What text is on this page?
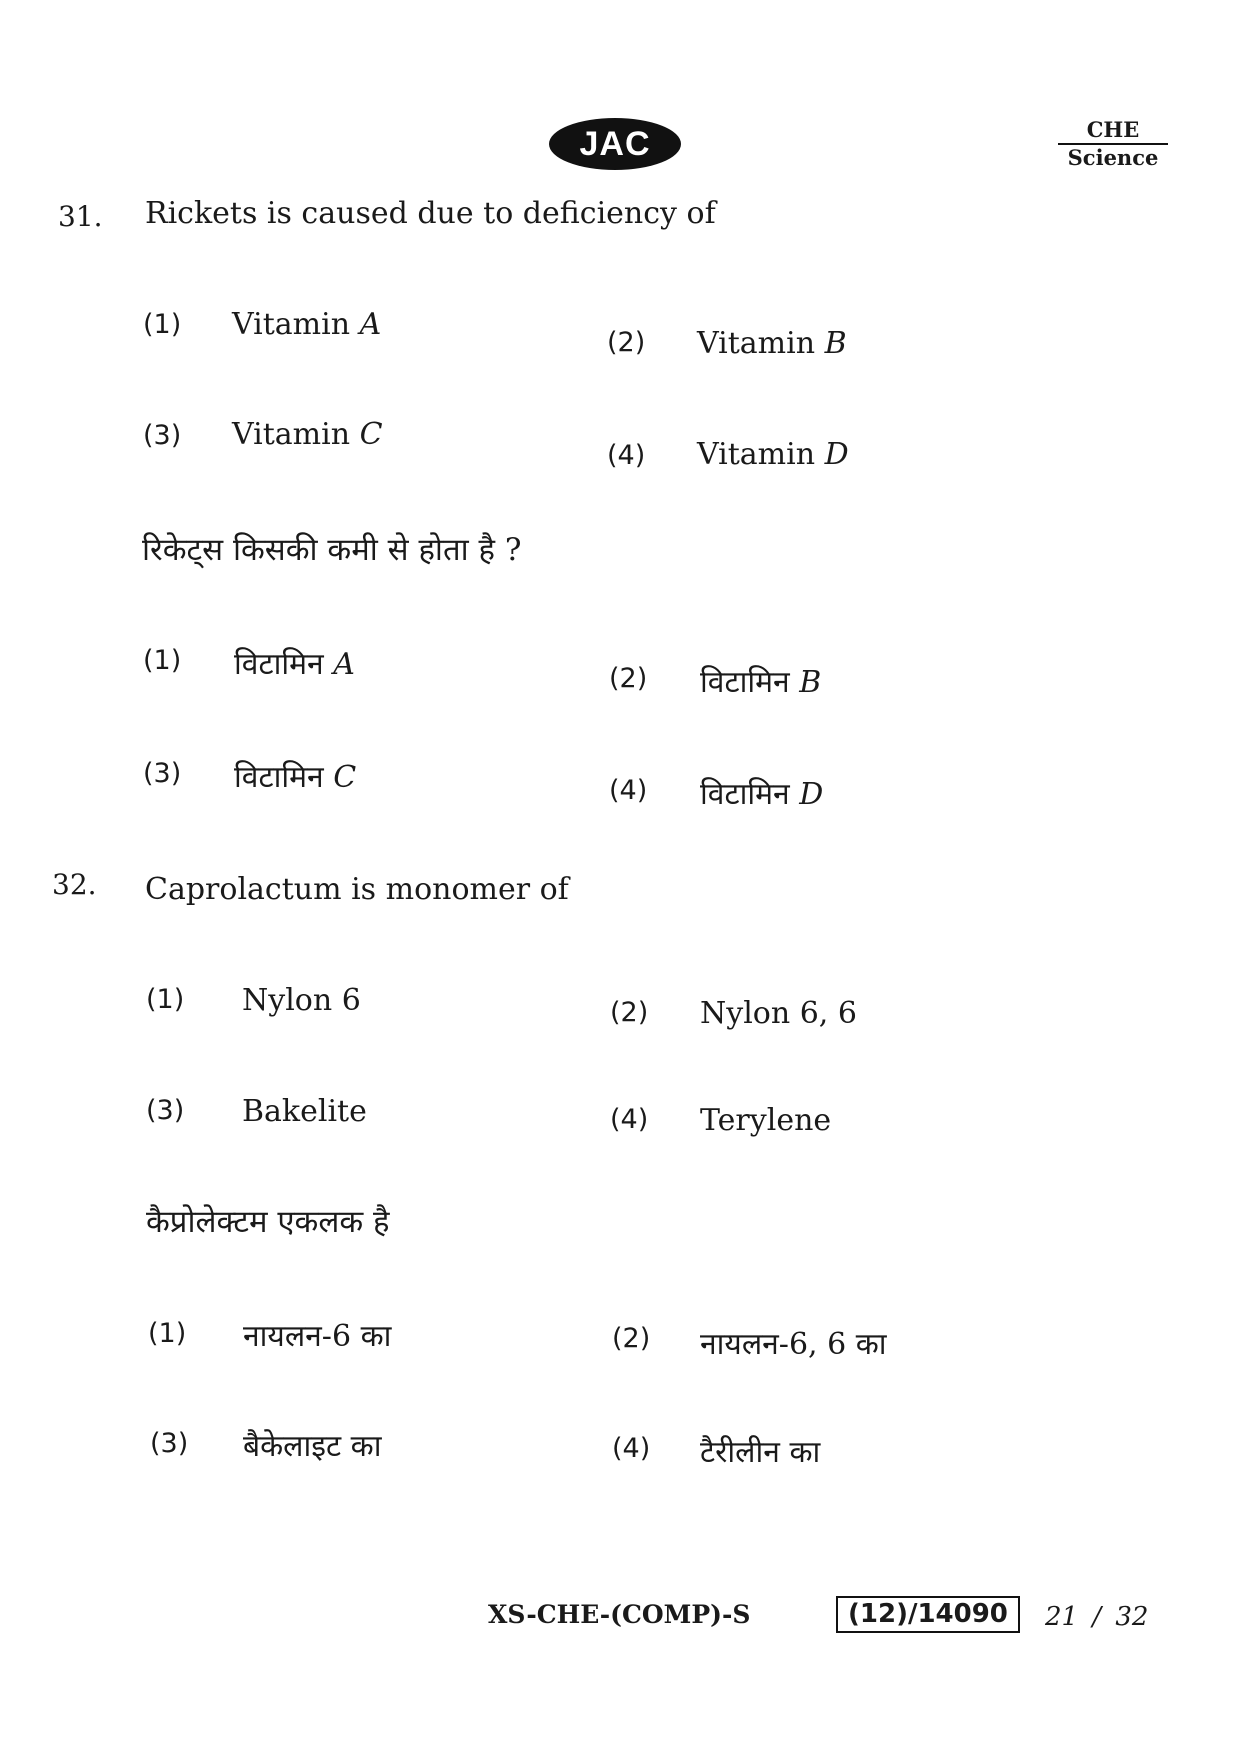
JAC	CHE
Science
31. Rickets is caused due to deficiency of
(1) Vitamin A
(2) Vitamin B
(3) Vitamin C
(4) Vitamin D
रिकेट्स किसकी कमी से होता है ?
(1) विटामिन A	(2) विटामिन B
(3) विटामिन C	(4) विटामिन D
32. Caprolactum is monomer of
(1) Nylon 6	(2) Nylon 6, 6
(3) Bakelite	(4) Terylene
कैप्रोलेक्टम एकलक है
(1) नायलन-6 का	(2) नायलन-6, 6 का
(3) बैकेलाइट का	(4) टैरीलीन का
XS-CHE-(COMP)-S	(12)/14090	21 / 32
